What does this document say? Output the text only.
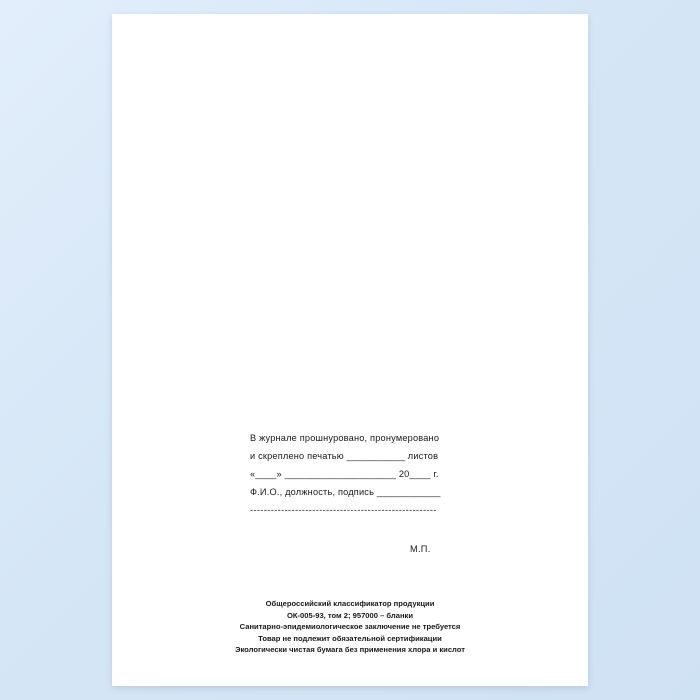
В журнале прошнуровано, пронумеровано
и скреплено печатью ___________ листов
«____» _____________________ 20____ г.
Ф.И.О., должность, подпись ____________
------------------------------------------------------
М.П.
Общероссийский классификатор продукции
ОК-005-93, том 2; 957000 – бланки
Санитарно-эпидемиологическое заключение не требуется
Товар не подлежит обязательной сертификации
Экологически чистая бумага без применения хлора и кислот
